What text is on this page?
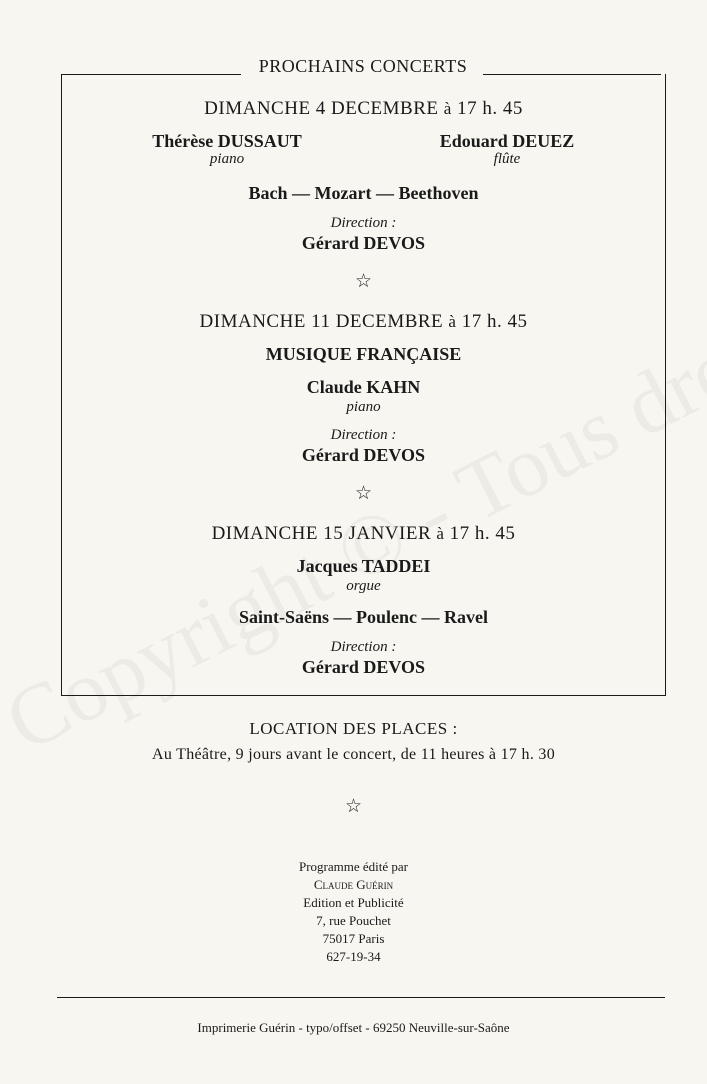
PROCHAINS CONCERTS
DIMANCHE 4 DECEMBRE à 17 h. 45
Thérèse DUSSAUT
piano
Edouard DEUEZ
flûte
Bach — Mozart — Beethoven
Direction :
Gérard DEVOS
☆
DIMANCHE 11 DECEMBRE à 17 h. 45
MUSIQUE FRANÇAISE
Claude KAHN
piano
Direction :
Gérard DEVOS
☆
DIMANCHE 15 JANVIER à 17 h. 45
Jacques TADDEI
orgue
Saint-Saëns — Poulenc — Ravel
Direction :
Gérard DEVOS
LOCATION DES PLACES :
Au Théâtre, 9 jours avant le concert, de 11 heures à 17 h. 30
☆
Programme édité par
Claude Guérin
Edition et Publicité
7, rue Pouchet
75017 Paris
627-19-34
Imprimerie Guérin - typo/offset - 69250 Neuville-sur-Saône
